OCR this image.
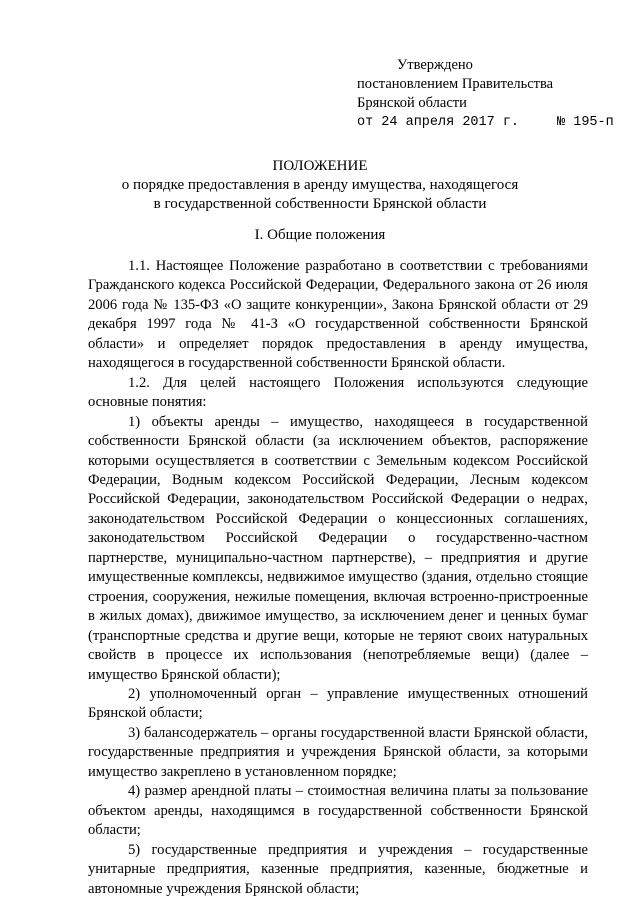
Утверждено
постановлением Правительства
Брянской области
от 24 апреля 2017 г.	№ 195-п
ПОЛОЖЕНИЕ
о порядке предоставления в аренду имущества, находящегося
в государственной собственности Брянской области
I. Общие положения

1.1. Настоящее Положение разработано в соответствии с требованиями Гражданского кодекса Российской Федерации, Федерального закона от 26 июля 2006 года № 135-ФЗ «О защите конкуренции», Закона Брянской области от 29 декабря 1997 года № 41-З «О государственной собственности Брянской области» и определяет порядок предоставления в аренду имущества, находящегося в государственной собственности Брянской области.

1.2. Для целей настоящего Положения используются следующие основные понятия:

1) объекты аренды – имущество, находящееся в государственной собственности Брянской области (за исключением объектов, распоряжение которыми осуществляется в соответствии с Земельным кодексом Российской Федерации, Водным кодексом Российской Федерации, Лесным кодексом Российской Федерации, законодательством Российской Федерации о недрах, законодательством Российской Федерации о концессионных соглашениях, законодательством Российской Федерации о государственно-частном партнерстве, муниципально-частном партнерстве), – предприятия и другие имущественные комплексы, недвижимое имущество (здания, отдельно стоящие строения, сооружения, нежилые помещения, включая встроенно-пристроенные в жилых домах), движимое имущество, за исключением денег и ценных бумаг (транспортные средства и другие вещи, которые не теряют своих натуральных свойств в процессе их использования (непотребляемые вещи) (далее – имущество Брянской области);

2) уполномоченный орган – управление имущественных отношений Брянской области;

3) балансодержатель – органы государственной власти Брянской области, государственные предприятия и учреждения Брянской области, за которыми имущество закреплено в установленном порядке;

4) размер арендной платы – стоимостная величина платы за пользование объектом аренды, находящимся в государственной собственности Брянской области;

5) государственные предприятия и учреждения – государственные унитарные предприятия, казенные предприятия, казенные, бюджетные и автономные учреждения Брянской области;
